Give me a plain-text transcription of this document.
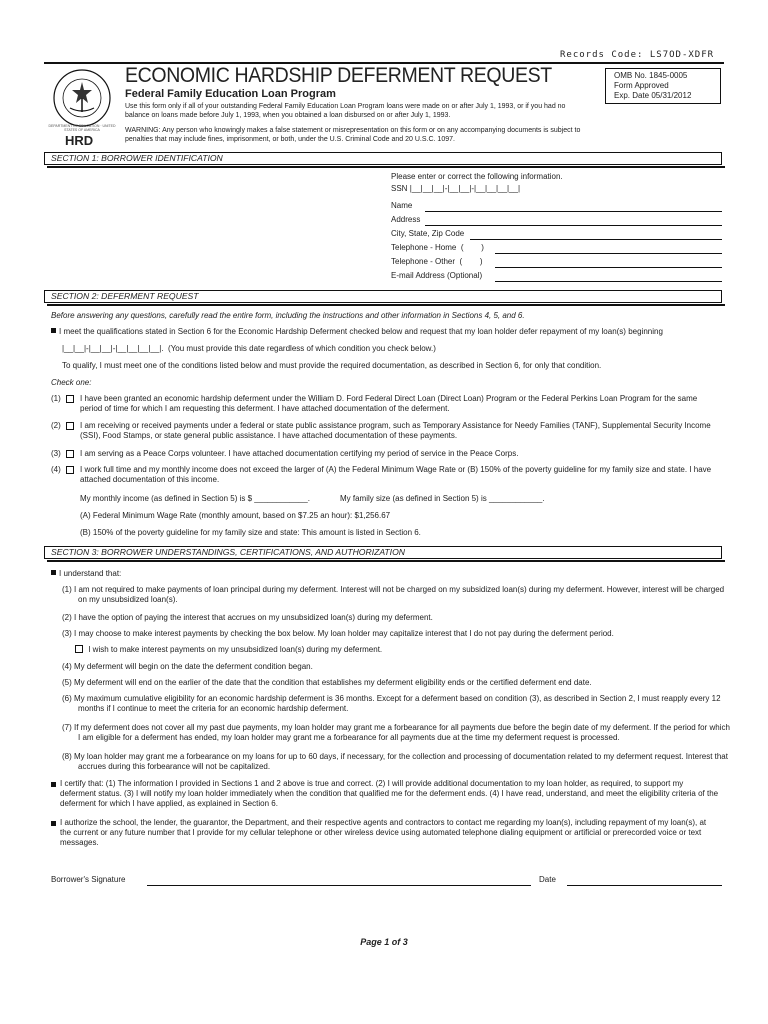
Records Code: LS7OD-XDFR
DEPARTMENT OF EDUCATION · UNITED STATES OF AMERICA
HRD
ECONOMIC HARDSHIP DEFERMENT REQUEST
Federal Family Education Loan Program
Use this form only if all of your outstanding Federal Family Education Loan Program loans were made on or after July 1, 1993, or if you had no balance on loans made before July 1, 1993, when you obtained a loan disbursed on or after July 1, 1993.
WARNING: Any person who knowingly makes a false statement or misrepresentation on this form or on any accompanying documents is subject to penalties that may include fines, imprisonment, or both, under the U.S. Criminal Code and 20 U.S.C. 1097.
OMB No. 1845-0005
Form Approved
Exp. Date 05/31/2012
SECTION 1: BORROWER IDENTIFICATION
Please enter or correct the following information.
SSN |__|__|__|-|__|__|-|__|__|__|__|
Name
Address
City, State, Zip Code
Telephone - Home  (        )
Telephone - Other  (        )
E-mail Address (Optional)
SECTION 2: DEFERMENT REQUEST
Before answering any questions, carefully read the entire form, including the instructions and other information in Sections 4, 5, and 6.
I meet the qualifications stated in Section 6 for the Economic Hardship Deferment checked below and request that my loan holder defer repayment of my loan(s) beginning
|__|__|-|__|__|-|__|__|__|__|.  (You must provide this date regardless of which condition you check below.)
To qualify, I must meet one of the conditions listed below and must provide the required documentation, as described in Section 6, for only that condition.
Check one:
(1)	I have been granted an economic hardship deferment under the William D. Ford Federal Direct Loan (Direct Loan) Program or the Federal Perkins Loan Program for the same period of time for which I am requesting this deferment. I have attached documentation of the deferment.
(2)	I am receiving or received payments under a federal or state public assistance program, such as Temporary Assistance for Needy Families (TANF), Supplemental Security Income (SSI), Food Stamps, or state general public assistance. I have attached documentation of these payments.
(3)	I am serving as a Peace Corps volunteer. I have attached documentation certifying my period of service in the Peace Corps.
(4)	I work full time and my monthly income does not exceed the larger of (A) the Federal Minimum Wage Rate or (B) 150% of the poverty guideline for my family size and state. I have attached documentation of this income.
My monthly income (as defined in Section 5) is $ ____________.	My family size (as defined in Section 5) is ____________.
(A) Federal Minimum Wage Rate (monthly amount, based on $7.25 an hour): $1,256.67
(B) 150% of the poverty guideline for my family size and state: This amount is listed in Section 6.
SECTION 3: BORROWER UNDERSTANDINGS, CERTIFICATIONS, AND AUTHORIZATION
I understand that:
(1) I am not required to make payments of loan principal during my deferment. Interest will not be charged on my subsidized loan(s) during my deferment. However, interest will be charged on my unsubsidized loan(s).
(2) I have the option of paying the interest that accrues on my unsubsidized loan(s) during my deferment.
(3) I may choose to make interest payments by checking the box below. My loan holder may capitalize interest that I do not pay during the deferment period.
I wish to make interest payments on my unsubsidized loan(s) during my deferment.
(4) My deferment will begin on the date the deferment condition began.
(5) My deferment will end on the earlier of the date that the condition that establishes my deferment eligibility ends or the certified deferment end date.
(6) My maximum cumulative eligibility for an economic hardship deferment is 36 months. Except for a deferment based on condition (3), as described in Section 2, I must reapply every 12 months if I continue to meet the criteria for an economic hardship deferment.
(7) If my deferment does not cover all my past due payments, my loan holder may grant me a forbearance for all payments due before the begin date of my deferment. If the period for which I am eligible for a deferment has ended, my loan holder may grant me a forbearance for all payments due at the time my deferment request is processed.
(8) My loan holder may grant me a forbearance on my loans for up to 60 days, if necessary, for the collection and processing of documentation related to my deferment request. Interest that accrues during this forbearance will not be capitalized.
I certify that: (1) The information I provided in Sections 1 and 2 above is true and correct. (2) I will provide additional documentation to my loan holder, as required, to support my deferment status. (3) I will notify my loan holder immediately when the condition that qualified me for the deferment ends. (4) I have read, understand, and meet the eligibility criteria of the deferment for which I have applied, as explained in Section 6.
I authorize the school, the lender, the guarantor, the Department, and their respective agents and contractors to contact me regarding my loan(s), including repayment of my loan(s), at the current or any future number that I provide for my cellular telephone or other wireless device using automated telephone dialing equipment or artificial or prerecorded voice or text messages.
Borrower's Signature	Date
Page 1 of 3
